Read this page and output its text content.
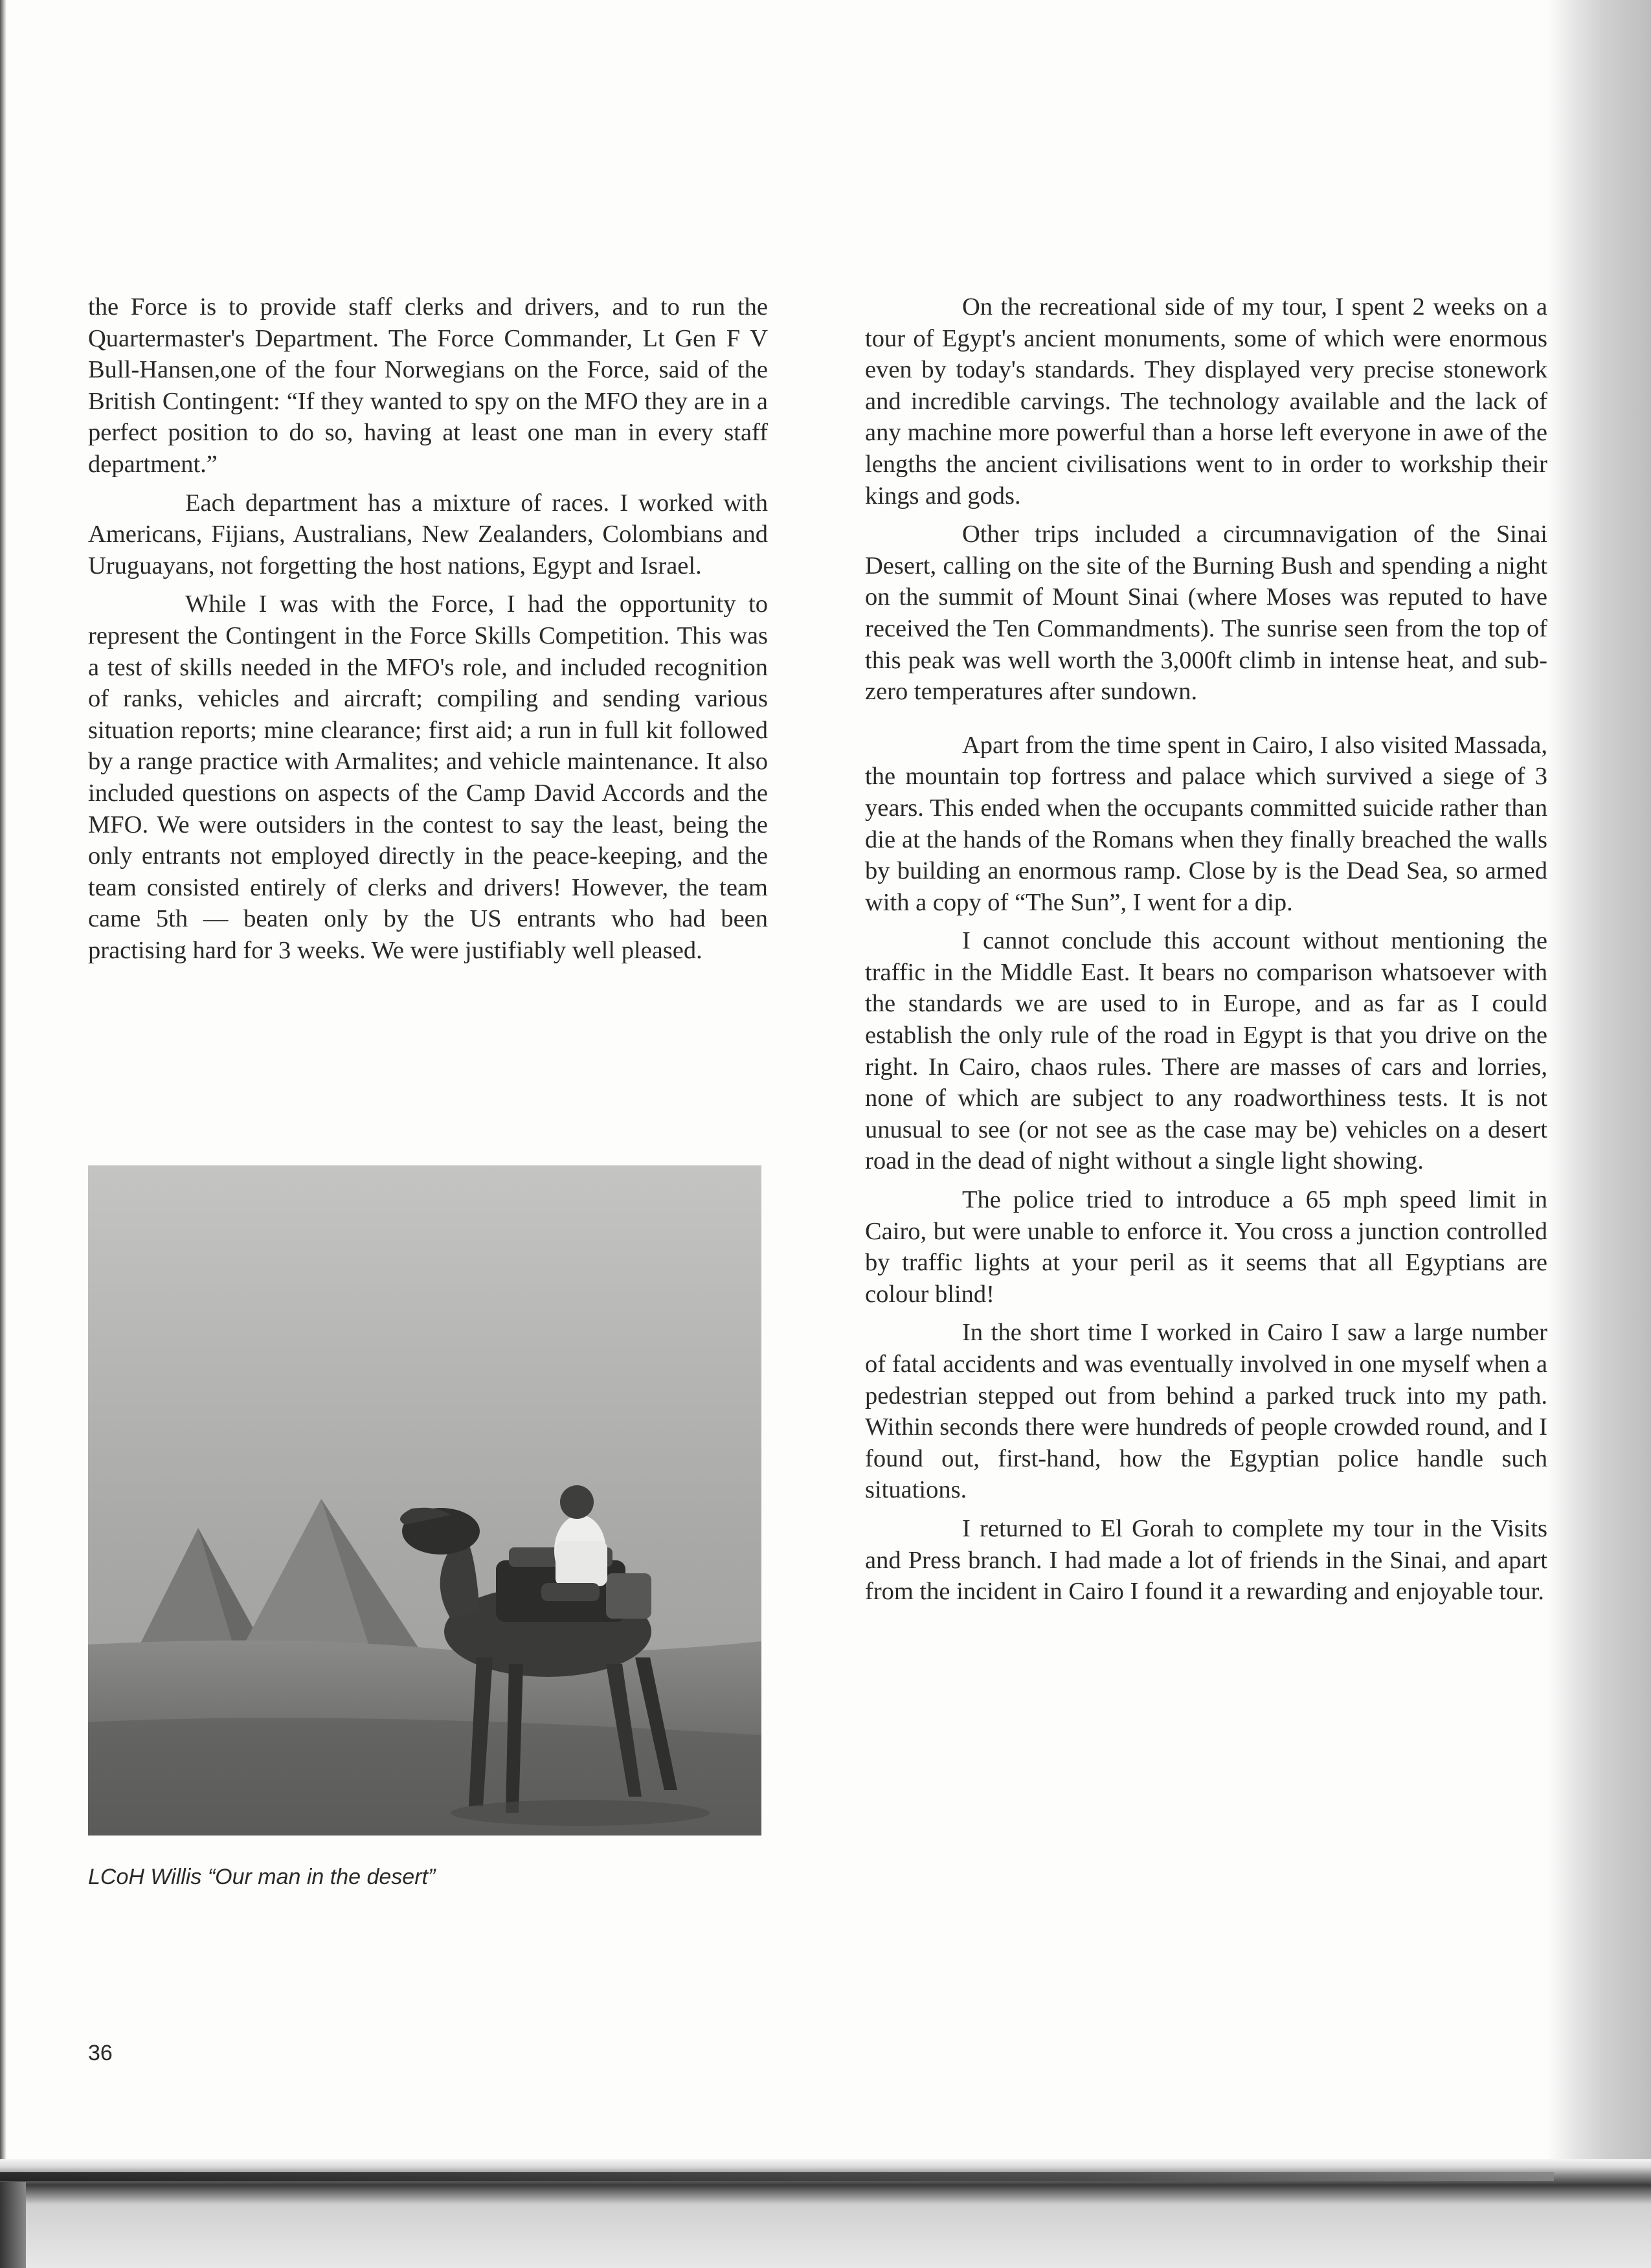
the Force is to provide staff clerks and drivers, and to run the Quartermaster's Department. The Force Commander, Lt Gen F V Bull-Hansen,one of the four Norwegians on the Force, said of the British Contingent: “If they wanted to spy on the MFO they are in a perfect position to do so, having at least one man in every staff department.”

Each department has a mixture of races. I worked with Americans, Fijians, Australians, New Zealanders, Colombians and Uruguayans, not forgetting the host nations, Egypt and Israel.

While I was with the Force, I had the opportunity to represent the Contingent in the Force Skills Competition. This was a test of skills needed in the MFO's role, and included recognition of ranks, vehicles and aircraft; compiling and sending various situation reports; mine clearance; first aid; a run in full kit followed by a range practice with Armalites; and vehicle maintenance. It also included questions on aspects of the Camp David Accords and the MFO. We were outsiders in the contest to say the least, being the only entrants not employed directly in the peace-keeping, and the team consisted entirely of clerks and drivers! However, the team came 5th — beaten only by the US entrants who had been practising hard for 3 weeks. We were justifiably well pleased.

On the recreational side of my tour, I spent 2 weeks on a tour of Egypt's ancient monuments, some of which were enormous even by today's standards. They displayed very precise stonework and incredible carvings. The technology available and the lack of any machine more powerful than a horse left everyone in awe of the lengths the ancient civilisations went to in order to workship their kings and gods.

Other trips included a circumnavigation of the Sinai Desert, calling on the site of the Burning Bush and spending a night on the summit of Mount Sinai (where Moses was reputed to have received the Ten Commandments). The sunrise seen from the top of this peak was well worth the 3,000ft climb in intense heat, and sub-zero temperatures after sundown.

Apart from the time spent in Cairo, I also visited Massada, the mountain top fortress and palace which survived a siege of 3 years. This ended when the occupants committed suicide rather than die at the hands of the Romans when they finally breached the walls by building an enormous ramp. Close by is the Dead Sea, so armed with a copy of “The Sun”, I went for a dip.

I cannot conclude this account without mentioning the traffic in the Middle East. It bears no comparison whatsoever with the standards we are used to in Europe, and as far as I could establish the only rule of the road in Egypt is that you drive on the right. In Cairo, chaos rules. There are masses of cars and lorries, none of which are subject to any roadworthiness tests. It is not unusual to see (or not see as the case may be) vehicles on a desert road in the dead of night without a single light showing.

The police tried to introduce a 65 mph speed limit in Cairo, but were unable to enforce it. You cross a junction controlled by traffic lights at your peril as it seems that all Egyptians are colour blind!

In the short time I worked in Cairo I saw a large number of fatal accidents and was eventually involved in one myself when a pedestrian stepped out from behind a parked truck into my path. Within seconds there were hundreds of people crowded round, and I found out, first-hand, how the Egyptian police handle such situations.

I returned to El Gorah to complete my tour in the Visits and Press branch. I had made a lot of friends in the Sinai, and apart from the incident in Cairo I found it a rewarding and enjoyable tour.

LCoH Willis “Our man in the desert”
36
